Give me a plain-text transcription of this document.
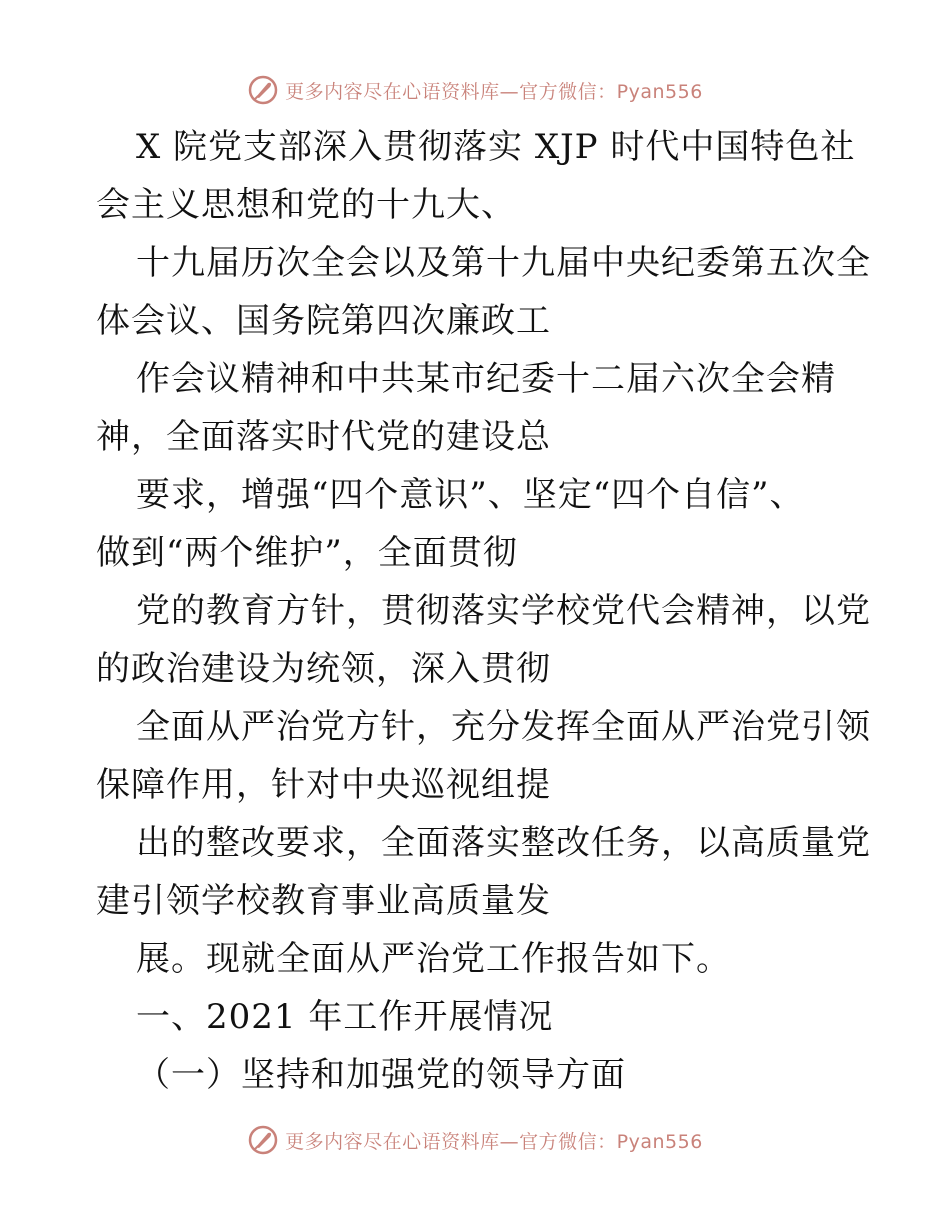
更多内容尽在心语资料库—官方微信：Pyan556
X 院党支部深入贯彻落实 XJP 时代中国特色社
会主义思想和党的十九大、
十九届历次全会以及第十九届中央纪委第五次全
体会议、国务院第四次廉政工
作会议精神和中共某市纪委十二届六次全会精
神，全面落实时代党的建设总
要求，增强“四个意识”、坚定“四个自信”、
做到“两个维护”，全面贯彻
党的教育方针，贯彻落实学校党代会精神，以党
的政治建设为统领，深入贯彻
全面从严治党方针，充分发挥全面从严治党引领
保障作用，针对中央巡视组提
出的整改要求，全面落实整改任务，以高质量党
建引领学校教育事业高质量发
展。现就全面从严治党工作报告如下。
一、2021 年工作开展情况
（一）坚持和加强党的领导方面
更多内容尽在心语资料库—官方微信：Pyan556
